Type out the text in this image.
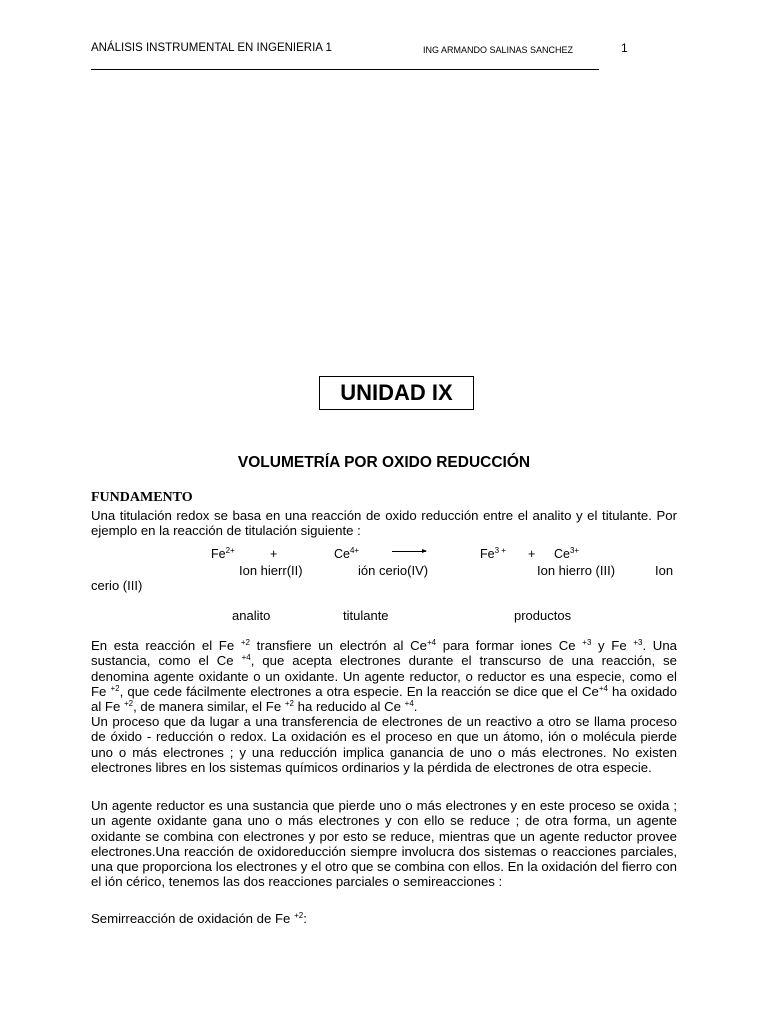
ANÁLISIS INSTRUMENTAL EN INGENIERIA 1	ING ARMANDO SALINAS SANCHEZ	1
UNIDAD IX
VOLUMETRÍA POR OXIDO REDUCCIÓN
FUNDAMENTO
Una titulación redox se basa en una reacción de oxido reducción entre el analito y el titulante. Por ejemplo en la reacción de titulación siguiente :
$Fe^{2+}$	+	$Ce^{4+}$	$Fe^{3 +} + Ce^{3+}$
Ion hierr(II)	ión cerio(IV)	Ion hierro (III)	Ion
cerio (III)
analito	titulante	productos
En esta reacción el Fe $^{+2}$ transfiere un electrón al $Ce^{+4}$ para formar iones Ce $^{+3}$ y Fe $^{+3}$. Una sustancia, como el Ce $^{+4}$, que acepta electrones durante el transcurso de una reacción, se denomina agente oxidante o un oxidante. Un agente reductor, o reductor es una especie, como el Fe $^{+2}$, que cede fácilmente electrones a otra especie. En la reacción se dice que el $Ce^{+4}$ ha oxidado al Fe $^{+2}$, de manera similar, el Fe $^{+2}$ ha reducido al Ce $^{+4}$.
Un proceso que da lugar a una transferencia de electrones de un reactivo a otro se llama proceso de óxido - reducción o redox. La oxidación es el proceso en que un átomo, ión o molécula pierde uno o más electrones ; y una reducción implica ganancia de uno o más electrones. No existen electrones libres en los sistemas químicos ordinarios y la pérdida de electrones de otra especie.
Un agente reductor es una sustancia que pierde uno o más electrones y en este proceso se oxida ; un agente oxidante gana uno o más electrones y con ello se reduce ; de otra forma, un agente oxidante se combina con electrones y por esto se reduce, mientras que un agente reductor provee electrones.Una reacción de oxidoreducción siempre involucra dos sistemas o reacciones parciales, una que proporciona los electrones y el otro que se combina con ellos. En la oxidación del fierro con el ión cérico, tenemos las dos reacciones parciales o semireacciones :
Semirreacción de oxidación de Fe $^{+2}$:
